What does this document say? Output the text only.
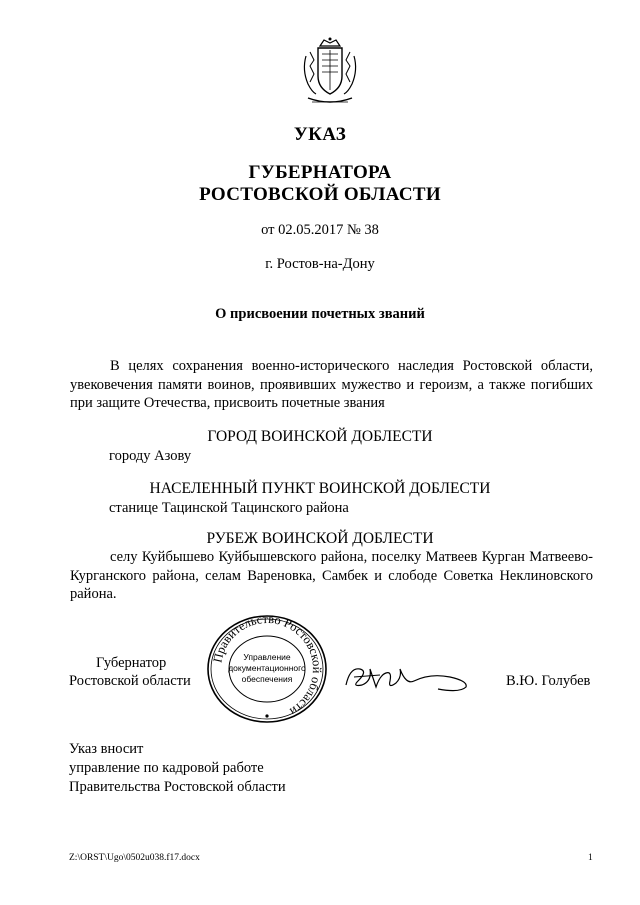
УКАЗ
ГУБЕРНАТОРА
РОСТОВСКОЙ ОБЛАСТИ
от 02.05.2017 № 38
г. Ростов-на-Дону
О присвоении почетных званий
В целях сохранения военно-исторического наследия Ростовской области, увековечения памяти воинов, проявивших мужество и героизм, а также погибших при защите Отечества, присвоить почетные звания
ГОРОД ВОИНСКОЙ ДОБЛЕСТИ
городу Азову
НАСЕЛЕННЫЙ ПУНКТ ВОИНСКОЙ ДОБЛЕСТИ
станице Тацинской Тацинского района
РУБЕЖ ВОИНСКОЙ ДОБЛЕСТИ
селу Куйбышево Куйбышевского района, поселку Матвеев Курган Матвеево-Курганского района, селам Вареновка, Самбек и слободе Советка Неклиновского района.
Губернатор
Ростовской области
Правительство Ростовской области
Управление
документационного
обеспечения	В.Ю. Голубев
Указ вносит
управление по кадровой работе
Правительства Ростовской области
Z:\ORST\Ugo\0502u038.f17.docx	1
